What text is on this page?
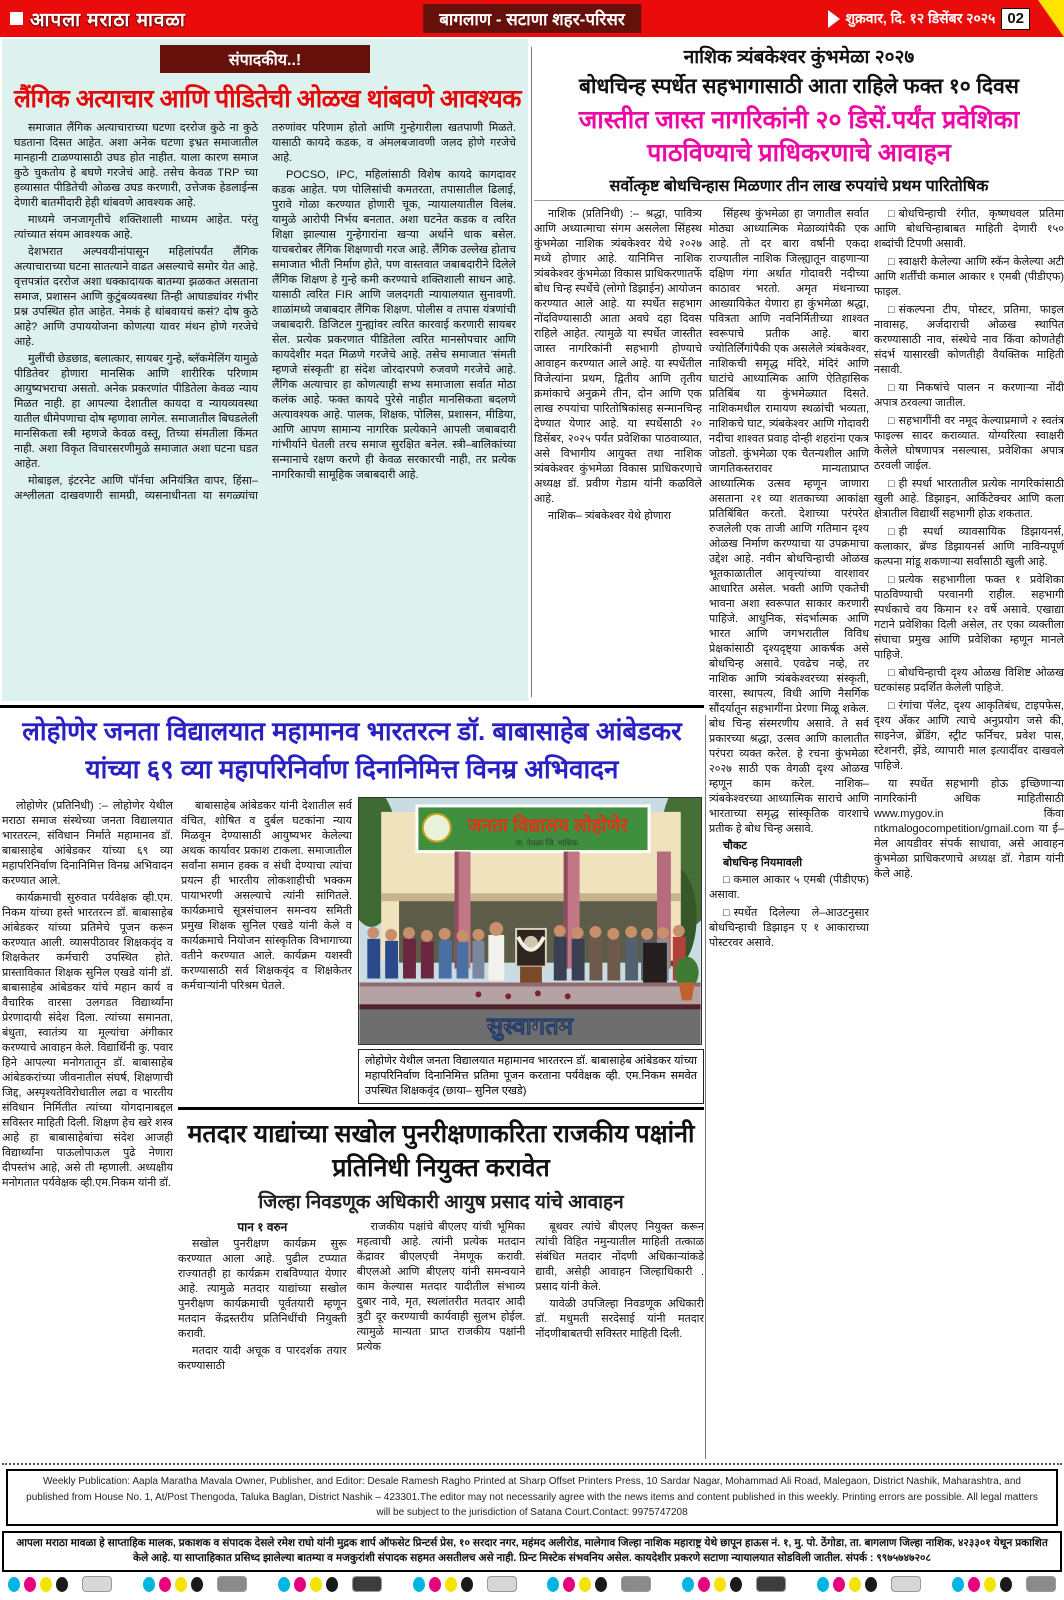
आपला मराठा मावळा	बागलाण - सटाणा शहर-परिसर	शुक्रवार, दि. १२ डिसेंबर २०२५ 02
संपादकीय..!
लैंगिक अत्याचार आणि पीडितेची ओळख थांबवणे आवश्यक

समाजात लैंगिक अत्याचाराच्या घटणा दररोज कुठे ना कुठे घडताना दिसत आहेत. अशा अनेक घटणा इभ्रत समाजातील मानहानी टाळण्यासाठी उघड होत नाहीत. याला कारण समाज कुठे चुकतोय हे बघणे गरजेचं आहे. तसेच केवळ TRP च्या हव्यासात पीडितेची ओळख उघड करणारी, उत्तेजक हेडलाईन्स देणारी बातमीदारी हेही थांबवणे आवश्यक आहे.

माध्यमे जनजागृतीचे शक्तिशाली माध्यम आहेत. परंतु त्यांच्यात संयम आवश्यक आहे.

देशभरात अल्पवयीनांपासून महिलांपर्यंत लैंगिक अत्याचाराच्या घटना सातत्याने वाढत असल्याचे समोर येत आहे. वृत्तपत्रांत दररोज अशा धक्कादायक बातम्या झळकत असताना समाज, प्रशासन आणि कुटुंबव्यवस्था तिन्ही आघाड्यांवर गंभीर प्रश्न उपस्थित होत आहेत. नेमकं हे थांबवायचं कसं? दोष कुठे आहे? आणि उपाययोजना कोणत्या यावर मंथन होणे गरजेचे आहे.

मुलींची छेडछाड, बलात्कार, सायबर गुन्हे, ब्लॅकमेलिंग यामुळे पीडितेवर होणारा मानसिक आणि शारीरिक परिणाम आयुष्यभराचा असतो. अनेक प्रकरणांत पीडितेला केवळ न्याय मिळत नाही. हा आपल्या देशातील कायदा व न्यायव्यवस्था यातील धीमेपणाचा दोष म्हणावा लागेल. समाजातील बिघडलेली मानसिकता स्त्री म्हणजे केवळ वस्तू, तिच्या संमतीला किंमत नाही. अशा विकृत विचारसरणीमुळे समाजात अशा घटना घडत आहेत.

मोबाइल, इंटरनेट आणि पॉर्नचा अनियंत्रित वापर, हिंसा– अश्लीलता दाखवणारी सामग्री, व्यसनाधीनता या सगळ्यांचा तरुणांवर परिणाम होतो आणि गुन्हेगारीला खतपाणी मिळते. यासाठी कायदे कडक, व अंमलबजावणी जलद होणे गरजेचे आहे.

POCSO, IPC, महिलांसाठी विशेष कायदे कागदावर कडक आहेत. पण पोलिसांची कमतरता, तपासातील ढिलाई, पुरावे गोळा करण्यात होणारी चूक, न्यायालयातील विलंब. यामुळे आरोपी निर्भय बनतात. अशा घटनेत कडक व त्वरित शिक्षा झाल्यास गुन्हेगारांना खऱ्या अर्थाने धाक बसेल. याचबरोबर लैंगिक शिक्षणाची गरज आहे. लैंगिक उल्लेख होताच समाजात भीती निर्माण होते, पण वास्तवात जबाबदारीने दिलेले लैंगिक शिक्षण हे गुन्हे कमी करण्याचे शक्तिशाली साधन आहे. यासाठी त्वरित FIR आणि जलदगती न्यायालयात सुनावणी. शाळांमध्ये जबाबदार लैंगिक शिक्षण. पोलीस व तपास यंत्रणांची जबाबदारी. डिजिटल गुन्ह्यांवर त्वरित कारवाई करणारी सायबर सेल. प्रत्येक प्रकरणात पीडितेला त्वरित मानसोपचार आणि कायदेशीर मदत मिळणे गरजेचे आहे. तसेच समाजात 'संमती म्हणजे संस्कृती' हा संदेश जोरदारपणे रुजवणे गरजेचे आहे. लैंगिक अत्याचार हा कोणत्याही सभ्य समाजाला सर्वात मोठा कलंक आहे. फक्त कायदे पुरेसे नाहीत मानसिकता बदलणे अत्यावश्यक आहे. पालक, शिक्षक, पोलिस, प्रशासन, मीडिया, आणि आपण सामान्य नागरिक प्रत्येकाने आपली जबाबदारी गांभीर्याने घेतली तरच समाज सुरक्षित बनेल. स्त्री–बालिकांच्या सन्मानाचे रक्षण करणे ही केवळ सरकारची नाही, तर प्रत्येक नागरिकाची सामूहिक जबाबदारी आहे.

नाशिक त्र्यंबकेश्वर कुंभमेळा २०२७
बोधचिन्ह स्पर्धेत सहभागासाठी आता राहिले फक्त १० दिवस
जास्तीत जास्त नागरिकांनी २० डिसें.पर्यंत प्रवेशिका पाठविण्याचे प्राधिकरणाचे आवाहन
सर्वोत्कृष्ट बोधचिन्हास मिळणार तीन लाख रुपयांचे प्रथम पारितोषिक

नाशिक (प्रतिनिधी) :– श्रद्धा, पावित्र्य आणि अध्यात्माचा संगम असलेला सिंहस्थ कुंभमेळा नाशिक त्र्यंबकेश्वर येथे २०२७ मध्ये होणार आहे. यानिमित्त नाशिक त्र्यंबकेश्वर कुंभमेळा विकास प्राधिकरणातर्फे बोध चिन्ह स्पर्धेचे (लोगो डिझाईन) आयोजन करण्यात आले आहे. या स्पर्धेत सहभाग नोंदविण्यासाठी आता अवघे दहा दिवस राहिले आहेत. त्यामुळे या स्पर्धेत जास्तीत जास्त नागरिकांनी सहभागी होण्याचे आवाहन करण्यात आले आहे. या स्पर्धेतील विजेत्यांना प्रथम, द्वितीय आणि तृतीय क्रमांकाचे अनुक्रमे तीन, दोन आणि एक लाख रुपयांचा पारितोषिकांसह सन्मानचिन्ह देण्यात येणार आहे. या स्पर्धेसाठी २० डिसेंबर, २०२५ पर्यंत प्रवेशिका पाठवाव्यात, असे विभागीय आयुक्त तथा नाशिक त्र्यंबकेश्वर कुंभमेळा विकास प्राधिकरणाचे अध्यक्ष डॉ. प्रवीण गेडाम यांनी कळविले आहे.

नाशिक– त्र्यंबकेश्वर येथे होणारा

सिंहस्थ कुंभमेळा हा जगातील सर्वात मोठ्या आध्यात्मिक मेळाव्यांपैकी एक आहे. तो दर बारा वर्षांनी एकदा राज्यातील नाशिक जिल्ह्यातून वाहणाऱ्या दक्षिण गंगा अर्थात गोदावरी नदीच्या काठावर भरतो. अमृत मंथनाच्या आख्यायिकेत येणारा हा कुंभमेळा श्रद्धा, पवित्रता आणि नवनिर्मितीच्या शाश्वत स्वरूपाचे प्रतीक आहे. बारा ज्योतिर्लिंगांपैकी एक असलेले त्र्यंबकेश्वर, नाशिकची समृद्ध मंदिरे, मंदिरं आणि घाटांचे आध्यात्मिक आणि ऐतिहासिक प्रतिबिंब या कुंभमेळ्यात दिसते. नाशिकमधील रामायण स्थळांची भव्यता, नाशिकचे घाट, त्र्यंबकेश्वर आणि गोदावरी नदीचा शाश्वत प्रवाह दोन्ही शहरांना एकत्र जोडतो. कुंभमेळा एक चैतन्यशील आणि जागतिकस्तरावर मान्यताप्राप्त आध्यात्मिक उत्सव म्हणून जाणारा असताना २१ व्या शतकाच्या आकांक्षा प्रतिबिंबित करतो. देशाच्या परंपरेत रुजलेली एक ताजी आणि गतिमान दृश्य ओळख निर्माण करण्याचा या उपक्रमाचा उद्देश आहे. नवीन बोधचिन्हाची ओळख भूतकाळातील आवृत्त्यांच्या वारशावर आधारित असेल. भक्ती आणि एकतेची भावना अशा स्वरूपात साकार करणारी पाहिजे. आधुनिक, संदर्भात्मक आणि भारत आणि जगभरातील विविध प्रेक्षकांसाठी दृश्यदृष्ट्या आकर्षक असे बोधचिन्ह असावे. एवढेच नव्हे, तर नाशिक आणि त्र्यंबकेश्वरच्या संस्कृती, वारसा, स्थापत्य, विधी आणि नैसर्गिक सौंदर्यातून सहभागींना प्रेरणा मिळू शकेल. बोध चिन्ह संस्मरणीय असावे. ते सर्व प्रकारच्या श्रद्धा, उत्सव आणि कालातीत परंपरा व्यक्त करेल. हे रचना कुंभमेळा २०२७ साठी एक वेगळी दृश्य ओळख म्हणून काम करेल. नाशिक– त्र्यंबकेश्वरच्या आध्यात्मिक साराचे आणि भारताच्या समृद्ध सांस्कृतिक वारशाचे प्रतीक हे बोध चिन्ह असावे.

चौकट

बोधचिन्ह नियमावली

□ कमाल आकार ५ एमबी (पीडीएफ) असावा.

□ स्पर्धेत दिलेल्या ले–आउटनुसार बोधचिन्हाची डिझाइन ए १ आकाराच्या पोस्टरवर असावे.

□ बोधचिन्हाची रंगीत, कृष्णधवल प्रतिमा आणि बोधचिन्हाबाबत माहिती देणारी १५० शब्दांची टिपणी असावी.

□ स्वाक्षरी केलेल्या आणि स्कॅन केलेल्या अटी आणि शर्तींची कमाल आकार १ एमबी (पीडीएफ) फाइल.

□ संकल्पना टीप, पोस्टर, प्रतिमा, फाइल नावासह, अर्जदाराची ओळख स्थापित करण्यासाठी नाव, संस्थेचे नाव किंवा कोणतेही संदर्भ यासारखी कोणतीही वैयक्तिक माहिती नसावी.

□ या निकषांचे पालन न करणाऱ्या नोंदी अपात्र ठरवल्या जातील.

□ सहभागींनी वर नमूद केल्याप्रमाणे २ स्वतंत्र फाइल्स सादर कराव्यात. योग्यरित्या स्वाक्षरी केलेले घोषणापत्र नसल्यास, प्रवेशिका अपात्र ठरवली जाईल.

□ ही स्पर्धा भारतातील प्रत्येक नागरिकांसाठी खुली आहे. डिझाइन, आर्किटेक्चर आणि कला क्षेत्रातील विद्यार्थी सहभागी होऊ शकतात.

□ ही स्पर्धा व्यावसायिक डिझायनर्स, कलाकार, ब्रॅण्ड डिझायनर्स आणि नाविन्यपूर्ण कल्पना मांडू शकणाऱ्या सर्वांसाठी खुली आहे.

□ प्रत्येक सहभागीला फक्त १ प्रवेशिका पाठविण्याची परवानगी राहील. सहभागी स्पर्धकाचे वय किमान १२ वर्षे असावे. एखाद्या गटाने प्रवेशिका दिली असेल, तर एका व्यक्तीला संघाचा प्रमुख आणि प्रवेशिका म्हणून मानले पाहिजे.

□ बोधचिन्हाची दृश्य ओळख विशिष्ट ओळख घटकांसह प्रदर्शित केलेली पाहिजे.

□ रंगांचा पॅलेट, दृश्य आकृतिबंध, टाइपफेस, दृश्य अँकर आणि त्याचे अनुप्रयोग जसे की, साइनेज, ब्रेंडिंग, स्ट्रीट फर्निचर, प्रवेश पास, स्टेशनरी, झेंडे, व्यापारी माल इत्यादींवर दाखवले पाहिजे.

या स्पर्धेत सहभागी होऊ इच्छिणाऱ्या नागरिकांनी अधिक माहितीसाठी www.mygov.in किंवा ntkmalogocompetition/gmail.com या ई–मेल आयडीवर संपर्क साधावा, असे आवाहन कुंभमेळा प्राधिकरणाचे अध्यक्ष डॉ. गेडाम यांनी केले आहे.

लोहोणेर जनता विद्यालयात महामानव भारतरत्न डॉ. बाबासाहेब आंबेडकर
यांच्या ६९ व्या महापरिनिर्वाण दिनानिमित्त विनम्र अभिवादन

लोहोणेर (प्रतिनिधी) :– लोहोणेर येथील मराठा समाज संस्थेच्या जनता विद्यालयात भारतरत्न, संविधान निर्माते महामानव डॉ. बाबासाहेब आंबेडकर यांच्या ६९ व्या महापरिनिर्वाण दिनानिमित्त विनम्र अभिवादन करण्यात आले.

कार्यक्रमाची सुरुवात पर्यवेक्षक व्ही.एम. निकम यांच्या हस्ते भारतरत्न डॉ. बाबासाहेब आंबेडकर यांच्या प्रतिमेचे पूजन करून करण्यात आली. व्यासपीठावर शिक्षकवृंद व शिक्षकेतर कर्मचारी उपस्थित होते. प्रास्ताविकात शिक्षक सुनिल एखडे यांनी डॉ. बाबासाहेब आंबेडकर यांचे महान कार्य व वैचारिक वारसा उलगडत विद्यार्थ्यांना प्रेरणादायी संदेश दिला. त्यांच्या समानता, बंधुता, स्वातंत्र्य या मूल्यांचा अंगीकार करण्याचे आवाहन केले. विद्यार्थिनी कु. पवार हिने आपल्या मनोगतातून डॉ. बाबासाहेब आंबेडकरांच्या जीवनातील संघर्ष, शिक्षणाची जिद्द, अस्पृश्यतेविरोधातील लढा व भारतीय संविधान निर्मितीत त्यांच्या योगदानाबद्दल सविस्तर माहिती दिली. शिक्षण हेच खरे शस्त्र आहे हा बाबासाहेबांचा संदेश आजही विद्यार्थ्यांना पाऊलोपाऊल पुढे नेणारा दीपस्तंभ आहे, असे ती म्हणाली. अध्यक्षीय मनोगतात पर्यवेक्षक व्ही.एम.निकम यांनी डॉ.

बाबासाहेब आंबेडकर यांनी देशातील सर्व वंचित, शोषित व दुर्बल घटकांना न्याय मिळवून देण्यासाठी आयुष्यभर केलेल्या अथक कार्यावर प्रकाश टाकला. समाजातील सर्वांना समान हक्क व संधी देण्याचा त्यांचा प्रयत्न ही भारतीय लोकशाहीची भक्कम पायाभरणी असल्याचे त्यांनी सांगितले. कार्यक्रमाचे सूत्रसंचालन समन्वय समिती प्रमुख शिक्षक सुनिल एखडे यांनी केले व कार्यक्रमाचे नियोजन सांस्कृतिक विभागाच्या वतीने करण्यात आले. कार्यक्रम यशस्वी करण्यासाठी सर्व शिक्षकवृंद व शिक्षकेतर कर्मचाऱ्यांनी परिश्रम घेतले.

जनता विद्यालय लोहोणेर
ता. देवळा जि. नाशिक.
सुस्वागतम
लोहोणेर येथील जनता विद्यालयात महामानव भारतरत्न डॉ. बाबासाहेब आंबेडकर यांच्या महापरिनिर्वाण दिनानिमित्त प्रतिमा पूजन करताना पर्यवेक्षक व्ही. एम.निकम समवेत उपस्थित शिक्षकवृंद (छाया– सुनिल एखडे)
मतदार याद्यांच्या सखोल पुनरीक्षणाकरिता राजकीय पक्षांनी प्रतिनिधी नियुक्त करावेत
जिल्हा निवडणूक अधिकारी आयुष प्रसाद यांचे आवाहन

पान १ वरुन

सखोल पुनरीक्षण कार्यक्रम सुरू करण्यात आला आहे. पुढील टप्प्यात राज्यातही हा कार्यक्रम राबविण्यात येणार आहे. त्यामुळे मतदार याद्यांच्या सखोल पुनरीक्षण कार्यक्रमाची पूर्वतयारी म्हणून मतदान केंद्रस्तरीय प्रतिनिधींची नियुक्ती करावी.

मतदार यादी अचूक व पारदर्शक तयार करण्यासाठी

राजकीय पक्षांचे बीएलए यांची भूमिका महत्वाची आहे. त्यांनी प्रत्येक मतदान केंद्रावर बीएलएची नेमणूक करावी. बीएलओ आणि बीएलए यांनी समन्वयाने काम केल्यास मतदार यादीतील संभाव्य दुबार नावे, मृत, स्थलांतरीत मतदार आदी त्रुटी दूर करण्याची कार्यवाही सुलभ होईल. त्यामुळे मान्यता प्राप्त राजकीय पक्षांनी प्रत्येक

बूथवर त्यांचे बीएलए नियुक्त करून त्यांची विहित नमुन्यातील माहिती तत्काळ संबंधित मतदार नोंदणी अधिकाऱ्यांकडे द्यावी, असेही आवाहन जिल्हाधिकारी . प्रसाद यांनी केले.

यावेळी उपजिल्हा निवडणूक अधिकारी डॉ. मधुमती सरदेसाई यांनी मतदार नोंदणीबाबतची सविस्तर माहिती दिली.

Weekly Publication: Aapla Maratha Mavala Owner, Publisher, and Editor: Desale Ramesh Ragho Printed at Sharp Offset Printers Press, 10 Sardar Nagar, Mohammad Ali Road, Malegaon, District Nashik, Maharashtra, and published from House No. 1, At/Post Thengoda, Taluka Baglan, District Nashik – 423301.The editor may not necessarily agree with the news items and content published in this weekly. Printing errors are possible. All legal matters will be subject to the jurisdiction of Satana Court.Contact: 9975747208
आपला मराठा मावळा हे साप्ताहिक मालक, प्रकाशक व संपादक देसले रमेश राघो यांनी मुद्रक शार्प ऑफसेट प्रिन्टर्स प्रेस, १० सरदार नगर, महंमद अलीरोड, मालेगाव जिल्हा नाशिक महाराष्ट्र येथे छापून हाऊस नं. १, मु. पो. ठेंगोडा, ता. बागलाण जिल्हा नाशिक, ४२३३०१ येथून प्रकाशित केले आहे. या साप्ताहिकात प्रसिध्द झालेल्या बातम्या व मजकुरांशी संपादक सहमत असतीलच असे नाही. प्रिन्ट मिस्टेक संभवनिय असेल. कायदेशीर प्रकरणे सटाणा न्यायालयात सोडविली जातील. संपर्क : ९९७५७४७२०८
